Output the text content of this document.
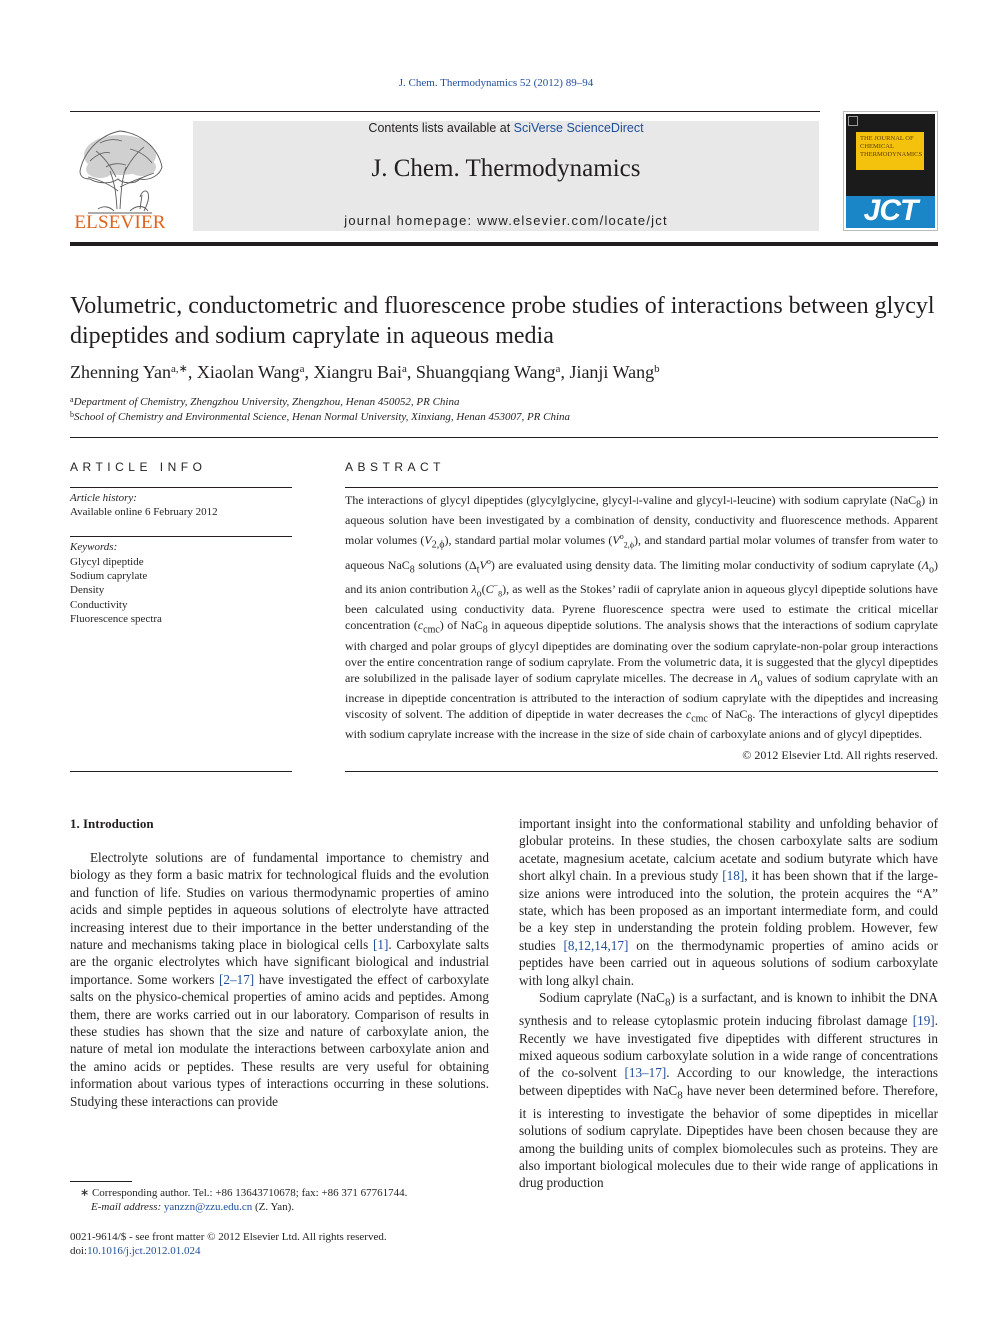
J. Chem. Thermodynamics 52 (2012) 89–94
ELSEVIER
Contents lists available at SciVerse ScienceDirect
J. Chem. Thermodynamics
journal homepage: www.elsevier.com/locate/jct
THE JOURNAL OF CHEMICAL THERMODYNAMICS
JCT
Volumetric, conductometric and fluorescence probe studies of interactions between glycyl dipeptides and sodium caprylate in aqueous media
Zhenning Yan$^{a,∗}$, Xiaolan Wang$^a$, Xiangru Bai$^a$, Shuangqiang Wang$^a$, Jianji Wang$^b$
$^a$Department of Chemistry, Zhengzhou University, Zhengzhou, Henan 450052, PR China
$^b$School of Chemistry and Environmental Science, Henan Normal University, Xinxiang, Henan 453007, PR China
ARTICLE INFO
Article history:
Available online 6 February 2012
Keywords:
Glycyl dipeptide
Sodium caprylate
Density
Conductivity
Fluorescence spectra
ABSTRACT
The interactions of glycyl dipeptides (glycylglycine, glycyl-l-valine and glycyl-l-leucine) with sodium caprylate (NaC$_8$) in aqueous solution have been investigated by a combination of density, conductivity and fluorescence methods. Apparent molar volumes $(V_{2,\phi})$, standard partial molar volumes $(V^o_{2,\phi})$, and standard partial molar volumes of transfer from water to aqueous NaC$_8$ solutions $(\Delta_tV^o)$ are evaluated using density data. The limiting molar conductivity of sodium caprylate $(\Lambda_o)$ and its anion contribution $\lambda_o(C^-_8)$, as well as the Stokes’ radii of caprylate anion in aqueous glycyl dipeptide solutions have been calculated using conductivity data. Pyrene fluorescence spectra were used to estimate the critical micellar concentration $(c_{cmc})$ of NaC$_8$ in aqueous dipeptide solutions. The analysis shows that the interactions of sodium caprylate with charged and polar groups of glycyl dipeptides are dominating over the sodium caprylate-non-polar group interactions over the entire concentration range of sodium caprylate. From the volumetric data, it is suggested that the glycyl dipeptides are solubilized in the palisade layer of sodium caprylate micelles. The decrease in $\Lambda_o$ values of sodium caprylate with an increase in dipeptide concentration is attributed to the interaction of sodium caprylate with the dipeptides and increasing viscosity of solvent. The addition of dipeptide in water decreases the $c_{cmc}$ of NaC$_8$. The interactions of glycyl dipeptides with sodium caprylate increase with the increase in the size of side chain of carboxylate anions and of glycyl dipeptides.
© 2012 Elsevier Ltd. All rights reserved.
1. Introduction
Electrolyte solutions are of fundamental importance to chemistry and biology as they form a basic matrix for technological fluids and the evolution and function of life. Studies on various thermodynamic properties of amino acids and simple peptides in aqueous solutions of electrolyte have attracted increasing interest due to their importance in the better understanding of the nature and mechanisms taking place in biological cells [1]. Carboxylate salts are the organic electrolytes which have significant biological and industrial importance. Some workers [2–17] have investigated the effect of carboxylate salts on the physico-chemical properties of amino acids and peptides. Among them, there are works carried out in our laboratory. Comparison of results in these studies has shown that the size and nature of carboxylate anion, the nature of metal ion modulate the interactions between carboxylate anion and the amino acids or peptides. These results are very useful for obtaining information about various types of interactions occurring in these solutions. Studying these interactions can provide

important insight into the conformational stability and unfolding behavior of globular proteins. In these studies, the chosen carboxylate salts are sodium acetate, magnesium acetate, calcium acetate and sodium butyrate which have short alkyl chain. In a previous study [18], it has been shown that if the large-size anions were introduced into the solution, the protein acquires the “A” state, which has been proposed as an important intermediate form, and could be a key step in understanding the protein folding problem. However, few studies [8,12,14,17] on the thermodynamic properties of amino acids or peptides have been carried out in aqueous solutions of sodium carboxylate with long alkyl chain.

Sodium caprylate (NaC$_8$) is a surfactant, and is known to inhibit the DNA synthesis and to release cytoplasmic protein inducing fibrolast damage [19]. Recently we have investigated five dipeptides with different structures in mixed aqueous sodium carboxylate solution in a wide range of concentrations of the co-solvent [13–17]. According to our knowledge, the interactions between dipeptides with NaC$_8$ have never been determined before. Therefore, it is interesting to investigate the behavior of some dipeptides in micellar solutions of sodium caprylate. Dipeptides have been chosen because they are among the building units of complex biomolecules such as proteins. They are also important biological molecules due to their wide range of applications in drug production

∗ Corresponding author. Tel.: +86 13643710678; fax: +86 371 67761744.
E-mail address: yanzzn@zzu.edu.cn (Z. Yan).
0021-9614/$ - see front matter © 2012 Elsevier Ltd. All rights reserved.
doi:10.1016/j.jct.2012.01.024
